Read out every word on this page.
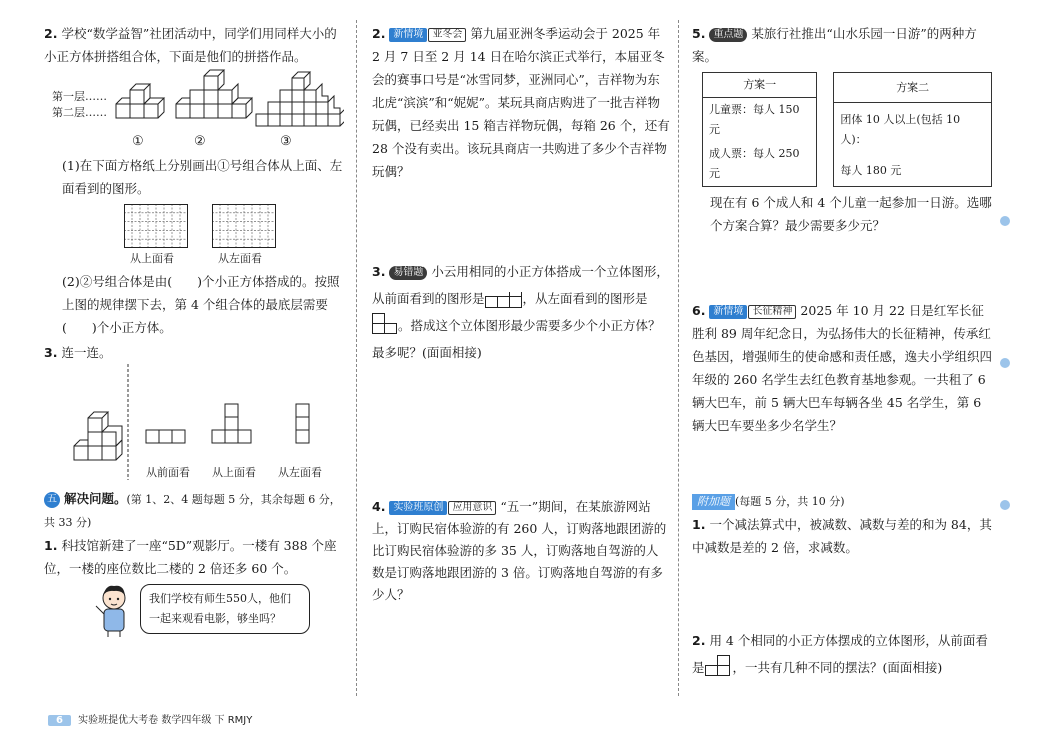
2. 学校“数学益智”社团活动中，同学们用同样大小的小正方体拼搭组合体，下面是他们的拼搭作品。
第一层……
第二层……
①	②	③
(1)在下面方格纸上分别画出①号组合体从上面、左面看到的图形。
从上面看	从左面看
(2)②号组合体是由(　　)个小正方体搭成的。按照上图的规律摆下去，第 4 个组合体的最底层需要(　　)个小正方体。
3. 连一连。
从前面看 从上面看 从左面看
五 解决问题。(第 1、2、4 题每题 5 分，其余每题 6 分，共 33 分)
1. 科技馆新建了一座“5D”观影厅。一楼有 388 个座位，一楼的座位数比二楼的 2 倍还多 60 个。
我们学校有师生550人，他们一起来观看电影，够坐吗？
2. 新情境 亚冬会 第九届亚洲冬季运动会于 2025 年 2 月 7 日至 2 月 14 日在哈尔滨正式举行，本届亚冬会的赛事口号是“冰雪同梦，亚洲同心”，吉祥物为东北虎“滨滨”和“妮妮”。某玩具商店购进了一批吉祥物玩偶，已经卖出 15 箱吉祥物玩偶，每箱 26 个，还有 28 个没有卖出。该玩具商店一共购进了多少个吉祥物玩偶？
3. 易错题 小云用相同的小正方体搭成一个立体图形，从前面看到的图形是	，从左面看到的图形是
。搭成这个立体图形最少需要多少个小正方体？最多呢？(面面相接)
4. 实验班原创 应用意识 “五一”期间，在某旅游网站上，订购民宿体验游的有 260 人，订购落地跟团游的比订购民宿体验游的多 35 人，订购落地自驾游的人数是订购落地跟团游的 3 倍。订购落地自驾游的有多少人？
5. 重点题 某旅行社推出“山水乐园一日游”的两种方案。
方案一
儿童票：每人 150 元
成人票：每人 250 元
方案二
团体 10 人以上(包括 10 人)：
每人 180 元
现在有 6 个成人和 4 个儿童一起参加一日游。选哪个方案合算？最少需要多少元？
6. 新情境 长征精神 2025 年 10 月 22 日是红军长征胜利 89 周年纪念日，为弘扬伟大的长征精神，传承红色基因，增强师生的使命感和责任感，逸夫小学组织四年级的 260 名学生去红色教育基地参观。一共租了 6 辆大巴车，前 5 辆大巴车每辆各坐 45 名学生，第 6 辆大巴车要坐多少名学生？
附加题 (每题 5 分，共 10 分)
1. 一个减法算式中，被减数、减数与差的和为 84，其中减数是差的 2 倍，求减数。
2. 用 4 个相同的小正方体摆成的立体图形，从前面看是 ，一共有几种不同的摆法？(面面相接)
6 实验班提优大考卷 数学四年级 下 RMJY
